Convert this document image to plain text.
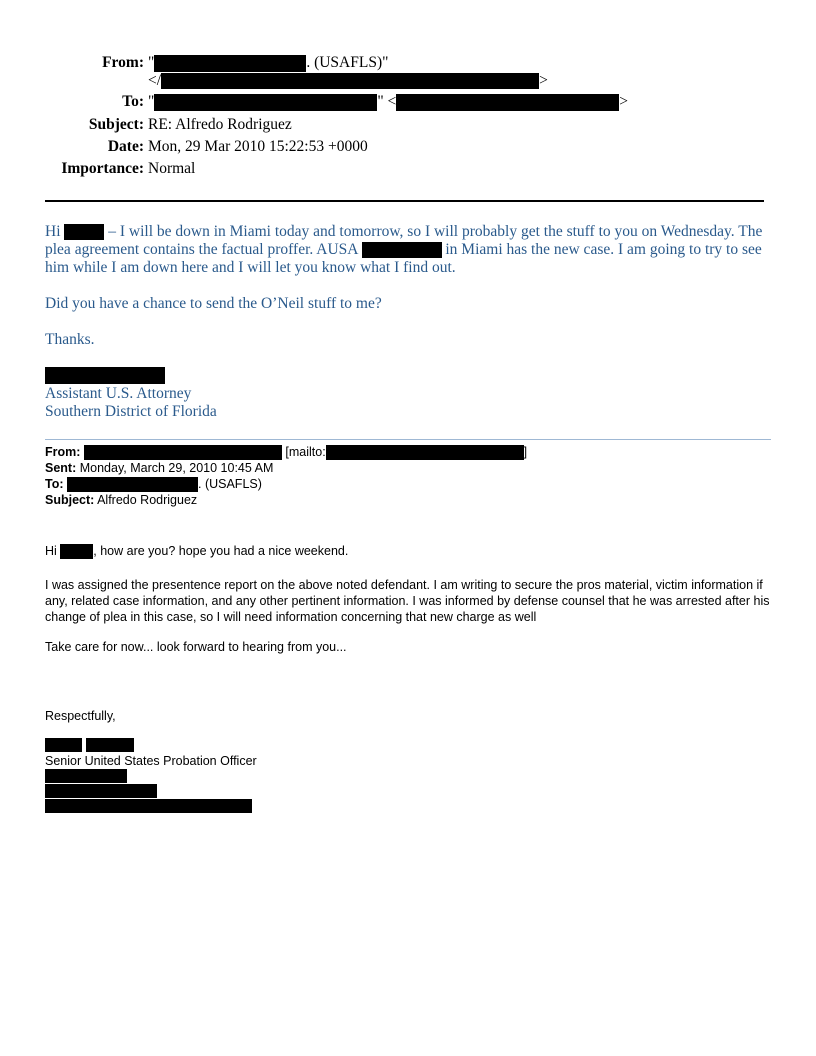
From: "	. (USAFLS)"
</	>
To: "	" <	>
Subject: RE: Alfredo Rodriguez
Date: Mon, 29 Mar 2010 15:22:53 +0000
Importance: Normal

Hi	– I will be down in Miami today and tomorrow, so I will probably get the stuff to you on Wednesday. The plea agreement contains the factual proffer. AUSA	in Miami has the new case. I am going to try to see him while I am down here and I will let you know what I find out.

Did you have a chance to send the O’Neil stuff to me?

Thanks.

Assistant U.S. Attorney

Southern District of Florida

From:	[mailto:	]

Sent: Monday, March 29, 2010 10:45 AM

To:	. (USAFLS)

Subject: Alfredo Rodriguez

Hi	, how are you? hope you had a nice weekend.

I was assigned the presentence report on the above noted defendant. I am writing to secure the pros material, victim information if any, related case information, and any other pertinent information. I was informed by defense counsel that he was arrested after his change of plea in this case, so I will need information concerning that new charge as well

Take care for now... look forward to hearing from you...

Respectfully,

Senior United States Probation Officer
